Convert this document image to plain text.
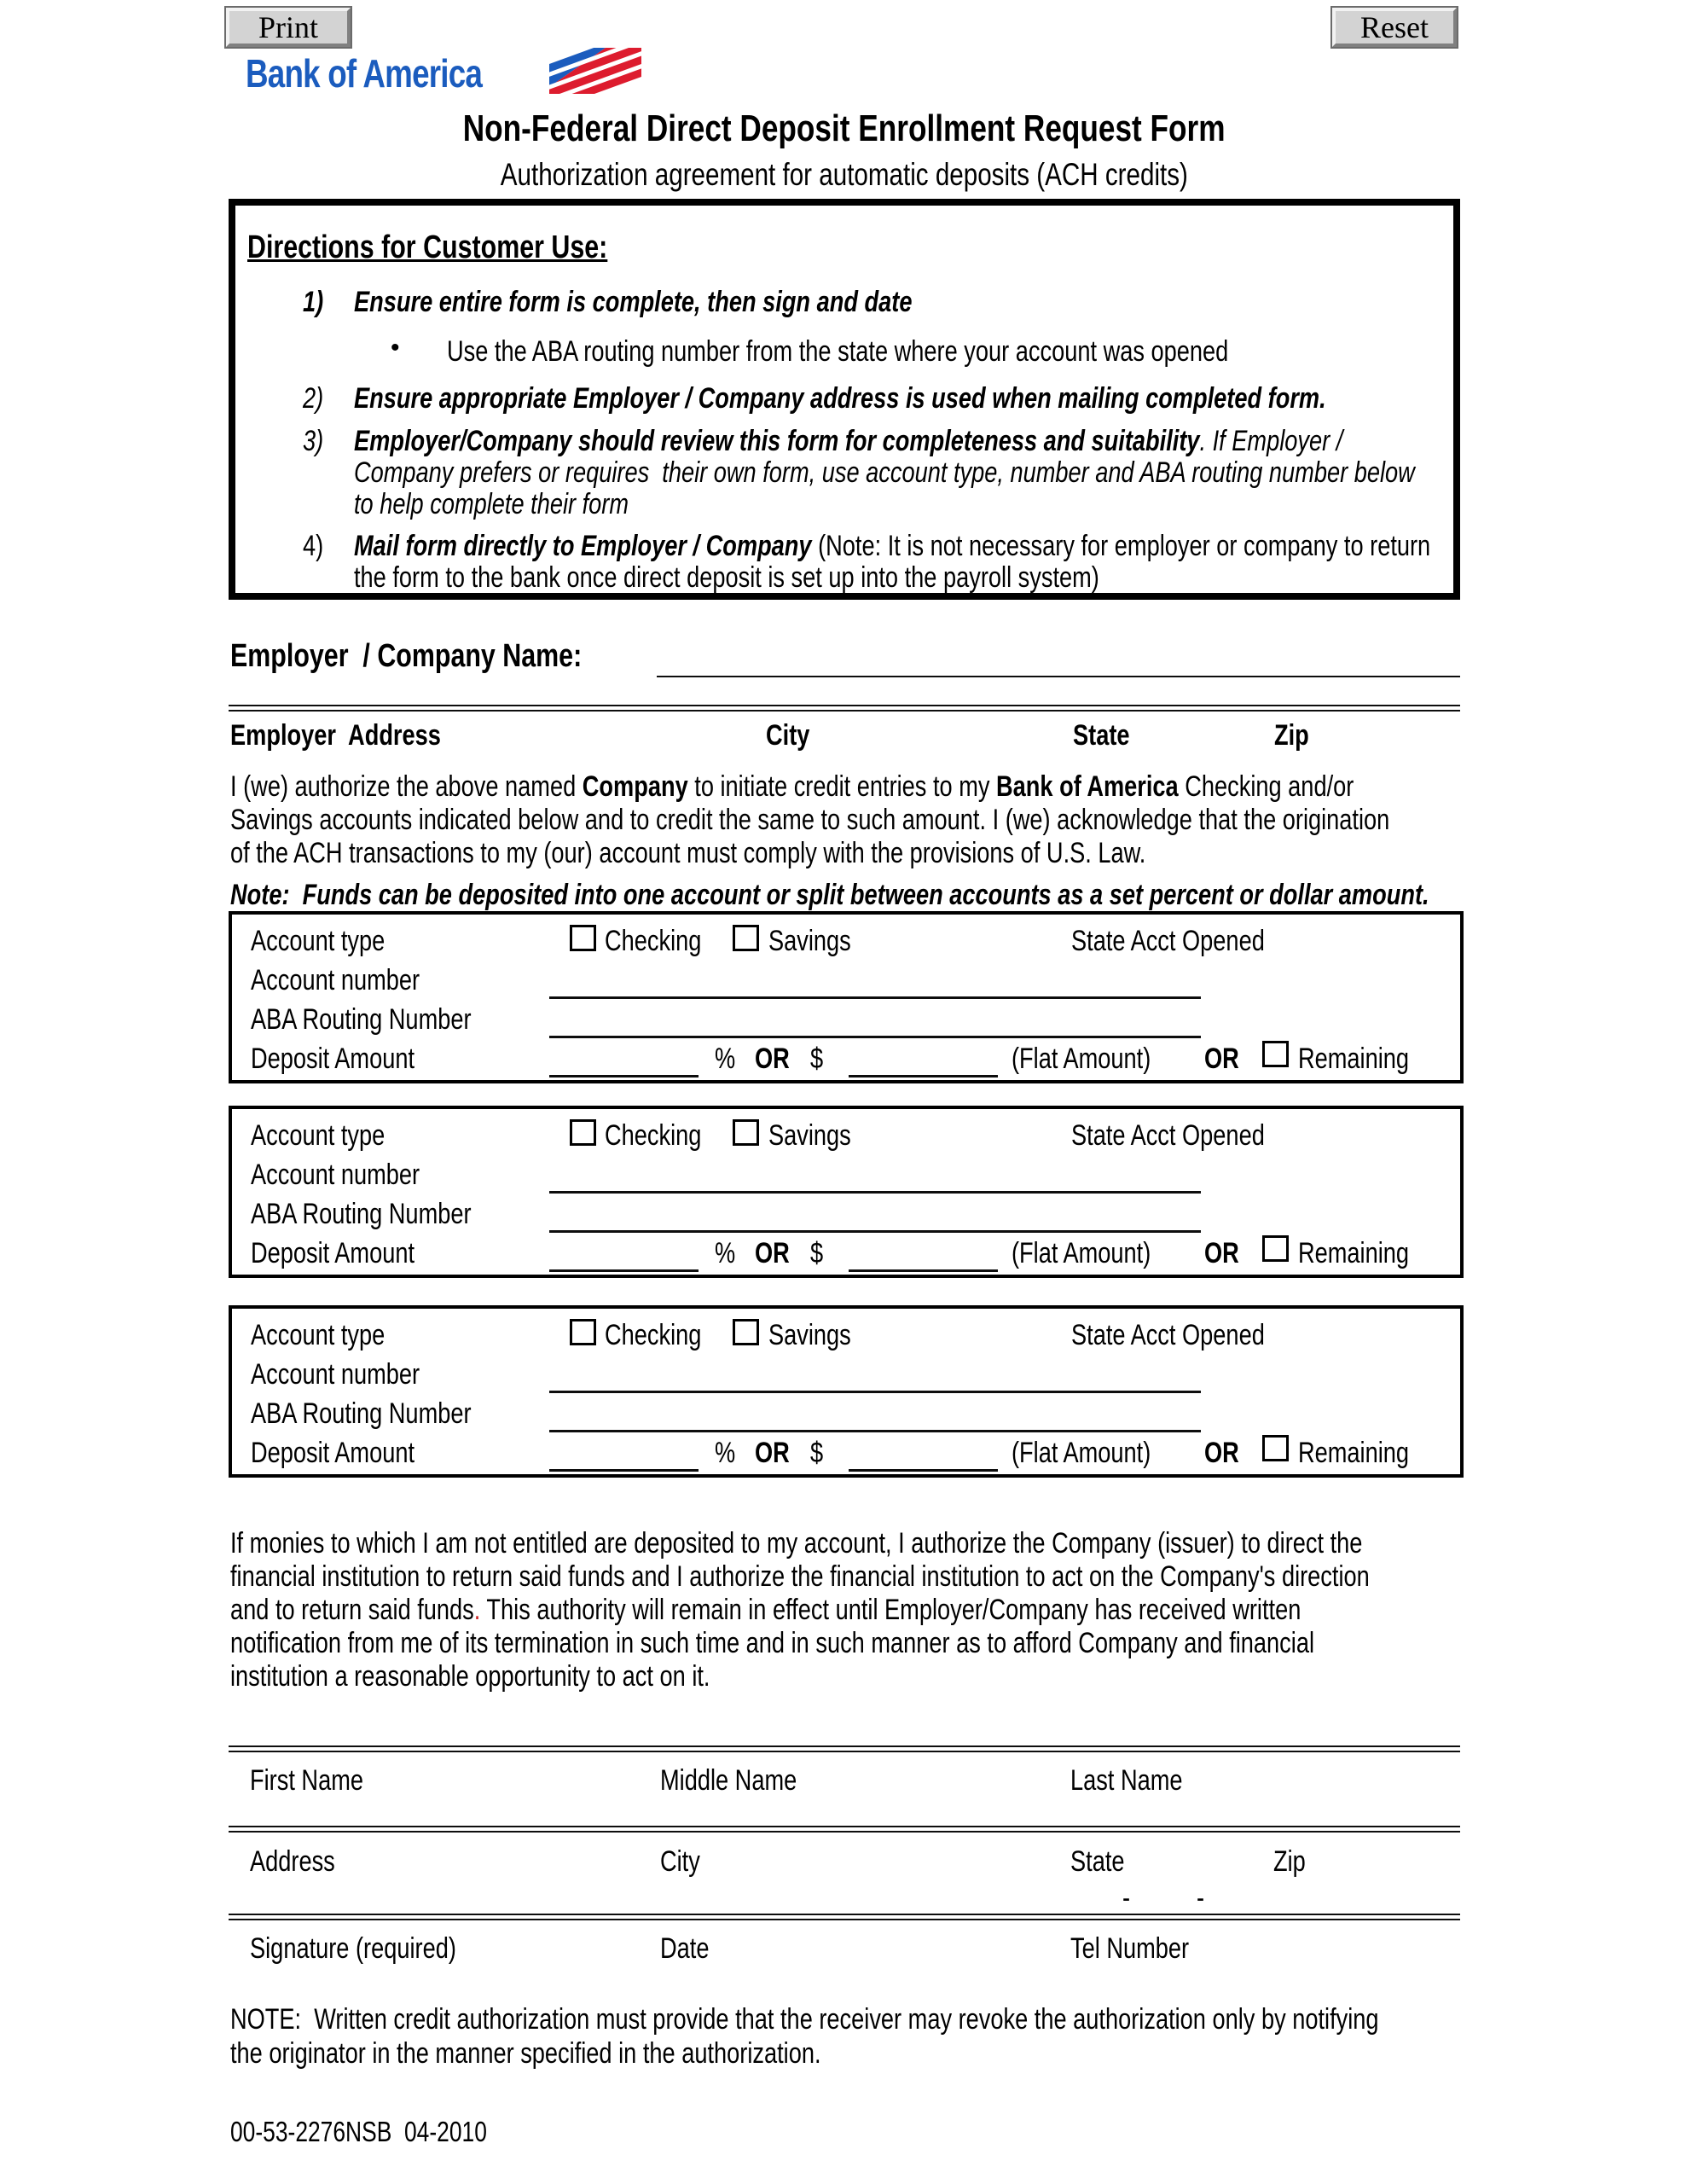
Print	Reset
Bank of America
Non-Federal Direct Deposit Enrollment Request Form
Authorization agreement for automatic deposits (ACH credits)
Directions for Customer Use:
1) Ensure entire form is complete, then sign and date
• Use the ABA routing number from the state where your account was opened
2) Ensure appropriate Employer / Company address is used when mailing completed form.
3) Employer/Company should review this form for completeness and suitability. If Employer /
Company prefers or requires  their own form, use account type, number and ABA routing number below
to help complete their form
4) Mail form directly to Employer / Company (Note: It is not necessary for employer or company to return
the form to the bank once direct deposit is set up into the payroll system)
Employer  / Company Name:
Employer  Address	City	State	Zip
I (we) authorize the above named Company to initiate credit entries to my Bank of America Checking and/or
Savings accounts indicated below and to credit the same to such amount. I (we) acknowledge that the origination
of the ACH transactions to my (our) account must comply with the provisions of U.S. Law.
Note:  Funds can be deposited into one account or split between accounts as a set percent or dollar amount.
Account type	Checking	Savings	State Acct Opened
Account number
ABA Routing Number
Deposit Amount	% OR $	(Flat Amount)	OR Remaining
Account type	Checking	Savings	State Acct Opened
Account number
ABA Routing Number
Deposit Amount	% OR $	(Flat Amount)	OR Remaining
Account type	Checking	Savings	State Acct Opened
Account number
ABA Routing Number
Deposit Amount	% OR $	(Flat Amount)	OR Remaining
If monies to which I am not entitled are deposited to my account, I authorize the Company (issuer) to direct the
financial institution to return said funds and I authorize the financial institution to act on the Company's direction
and to return said funds. This authority will remain in effect until Employer/Company has received written
notification from me of its termination in such time and in such manner as to afford Company and financial
institution a reasonable opportunity to act on it.
First Name	Middle Name	Last Name
Address	City	State	Zip
- -
Signature (required)	Date	Tel Number
NOTE:  Written credit authorization must provide that the receiver may revoke the authorization only by notifying
the originator in the manner specified in the authorization.
00-53-2276NSB  04-2010
